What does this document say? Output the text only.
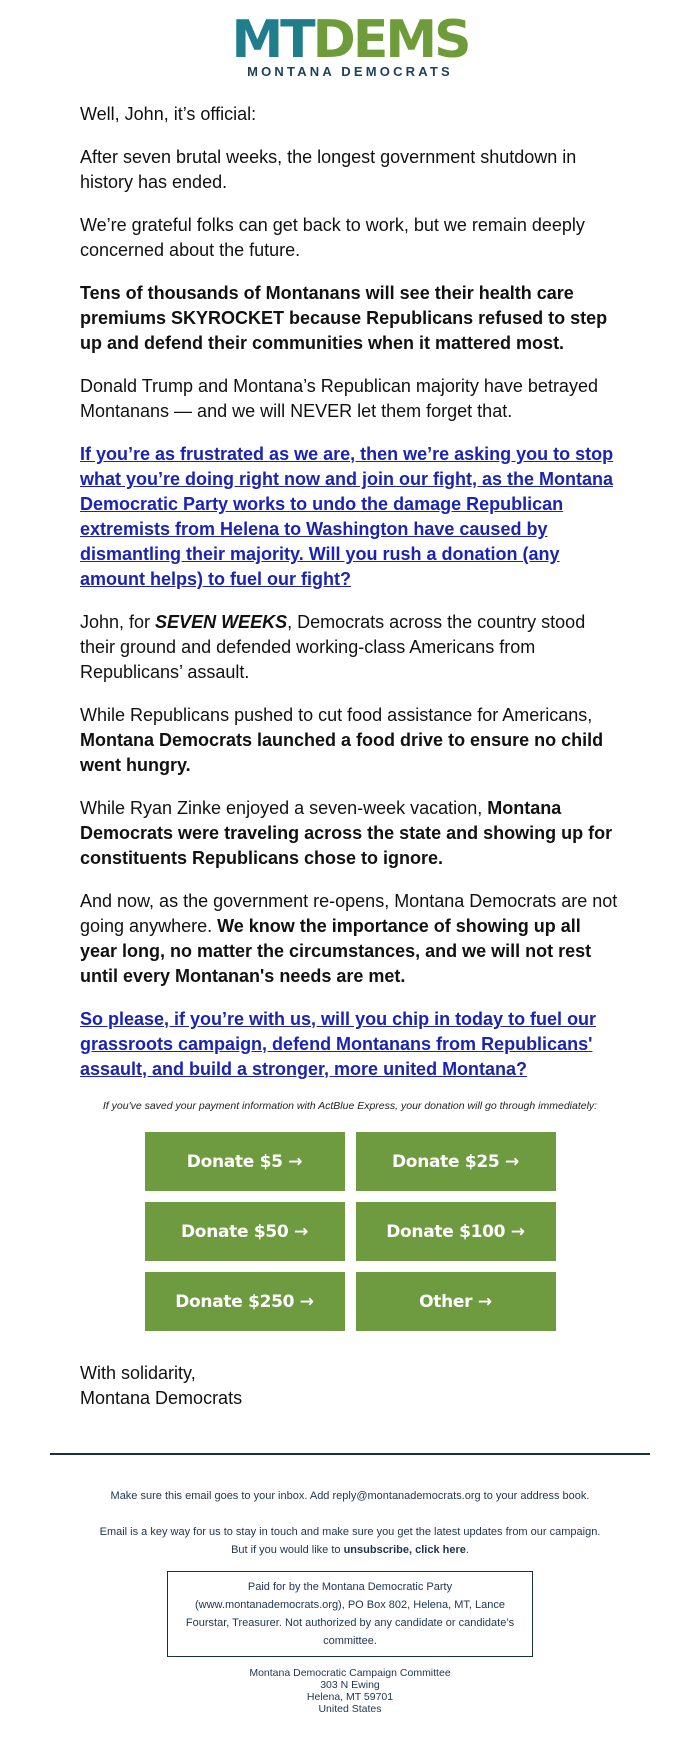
MTDEMS
MONTANA DEMOCRATS

Well, John, it’s official:

After seven brutal weeks, the longest government shutdown in history has ended.

We’re grateful folks can get back to work, but we remain deeply concerned about the future.

Tens of thousands of Montanans will see their health care premiums SKYROCKET because Republicans refused to step up and defend their communities when it mattered most.

Donald Trump and Montana’s Republican majority have betrayed Montanans — and we will NEVER let them forget that.

If you’re as frustrated as we are, then we’re asking you to stop what you’re doing right now and join our fight, as the Montana Democratic Party works to undo the damage Republican extremists from Helena to Washington have caused by dismantling their majority. Will you rush a donation (any amount helps) to fuel our fight?

John, for SEVEN WEEKS, Democrats across the country stood their ground and defended working-class Americans from Republicans’ assault.

While Republicans pushed to cut food assistance for Americans, Montana Democrats launched a food drive to ensure no child went hungry.

While Ryan Zinke enjoyed a seven-week vacation, Montana Democrats were traveling across the state and showing up for constituents Republicans chose to ignore.

And now, as the government re-opens, Montana Democrats are not going anywhere. We know the importance of showing up all year long, no matter the circumstances, and we will not rest until every Montanan's needs are met.

So please, if you’re with us, will you chip in today to fuel our grassroots campaign, defend Montanans from Republicans' assault, and build a stronger, more united Montana?

If you've saved your payment information with ActBlue Express, your donation will go through immediately:
Donate $5 →	Donate $25 →
Donate $50 →	Donate $100 →
Donate $250 →	Other →
With solidarity,
Montana Democrats

Make sure this email goes to your inbox. Add reply@montanademocrats.org to your address book.

Email is a key way for us to stay in touch and make sure you get the latest updates from our campaign.
But if you would like to unsubscribe, click here.

Paid for by the Montana Democratic Party (www.montanademocrats.org), PO Box 802, Helena, MT, Lance Fourstar, Treasurer. Not authorized by any candidate or candidate’s committee.
Montana Democratic Campaign Committee
303 N Ewing
Helena, MT 59701
United States
